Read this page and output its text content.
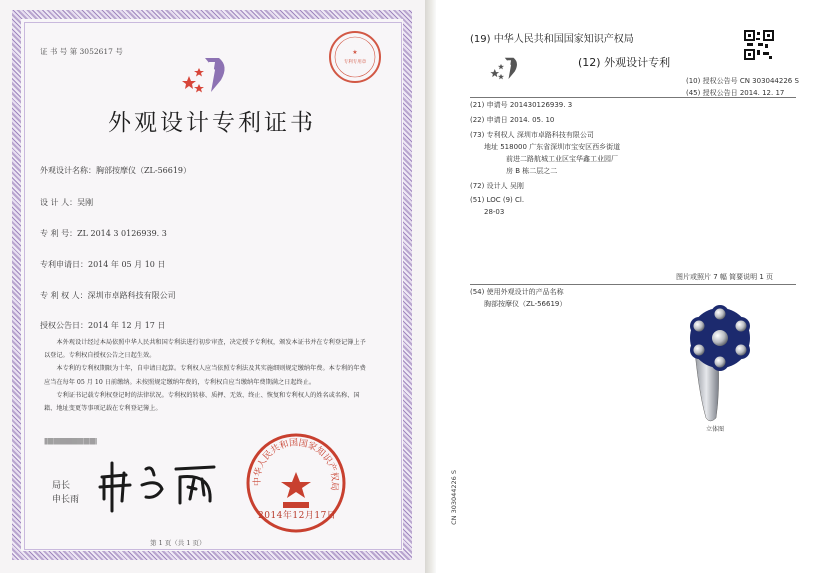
证 书 号 第 3052617 号	★
专利专用章
外观设计专利证书
外观设计名称：胸部按摩仪（ZL-56619）
设 计 人：吴刚
专 利 号：ZL 2014 3 0126939. 3
专利申请日：2014 年 05 月 10 日
专 利 权 人：深圳市卓路科技有限公司
授权公告日：2014 年 12 月 17 日

本外观设计经过本局依照中华人民共和国专利法进行初步审查，决定授予专利权，颁发本证书并在专利登记簿上予以登记。专利权自授权公告之日起生效。

本专利的专利权期限为十年，自申请日起算。专利权人应当依照专利法及其实施细则规定缴纳年费。本专利的年费应当在每年 05 月 10 日前缴纳。未按照规定缴纳年费的，专利权自应当缴纳年费期满之日起终止。

专利证书记载专利权登记时的法律状况。专利权的转移、质押、无效、终止、恢复和专利权人的姓名或名称、国籍、地址变更等事项记载在专利登记簿上。

|||||||||||||||||||||||||||||||||||||||||||||||||||
局长
申长雨
中华人民共和国国家知识产权局
2014年12月17日
第 1 页（共 1 页）
(19) 中华人民共和国国家知识产权局
(12) 外观设计专利
(10) 授权公告号 CN 303044226 S
(45) 授权公告日 2014. 12. 17
(21) 申请号 201430126939. 3
(22) 申请日 2014. 05. 10
(73) 专利权人 深圳市卓路科技有限公司
地址 518000 广东省深圳市宝安区西乡街道
前进二路航城工业区宝华鑫工业园厂
房 B 栋二层之二
(72) 设计人 吴刚
(51) LOC (9) Cl.
28-03
图片或照片 7 幅 简要说明 1 页
(54) 使用外观设计的产品名称
胸部按摩仪（ZL-56619）
立体图
CN 303044226 S
